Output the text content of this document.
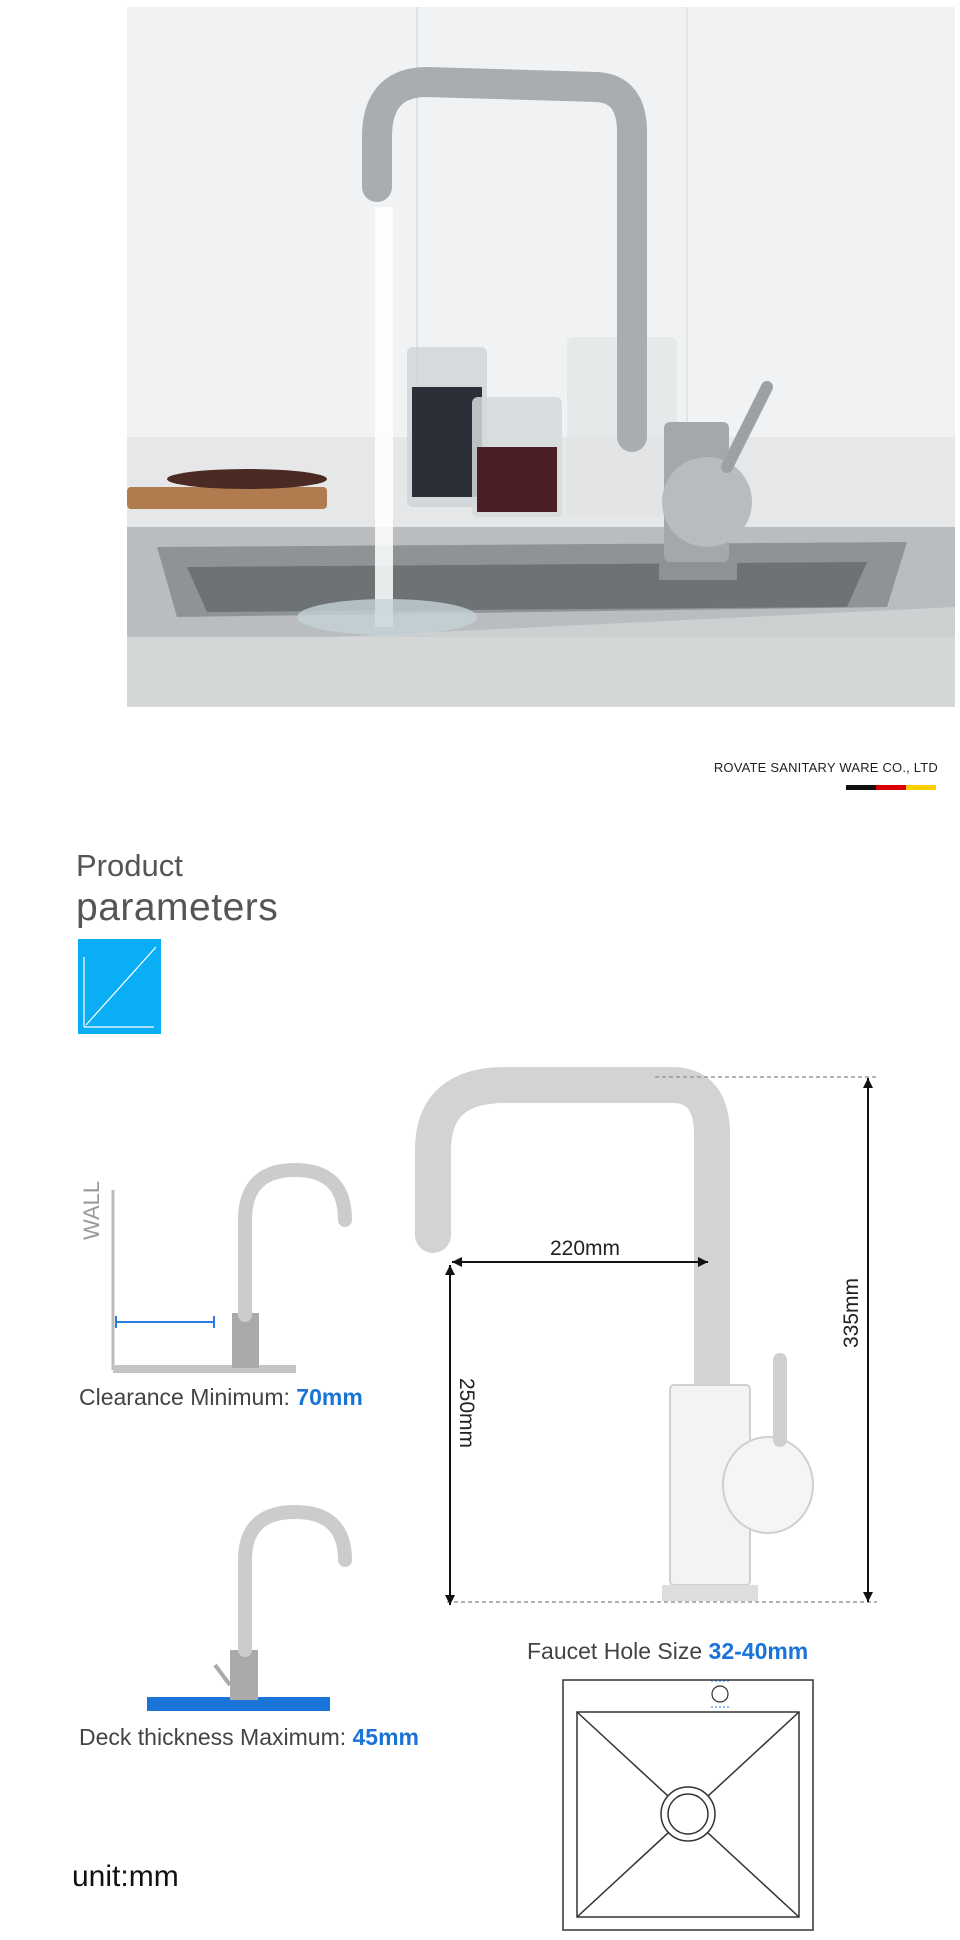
ROVATE SANITARY WARE CO., LTD
Product
parameters
WALL
Clearance Minimum: 70mm
Deck thickness Maximum: 45mm
220mm
250mm
335mm
Faucet Hole Size 32-40mm
unit:mm
